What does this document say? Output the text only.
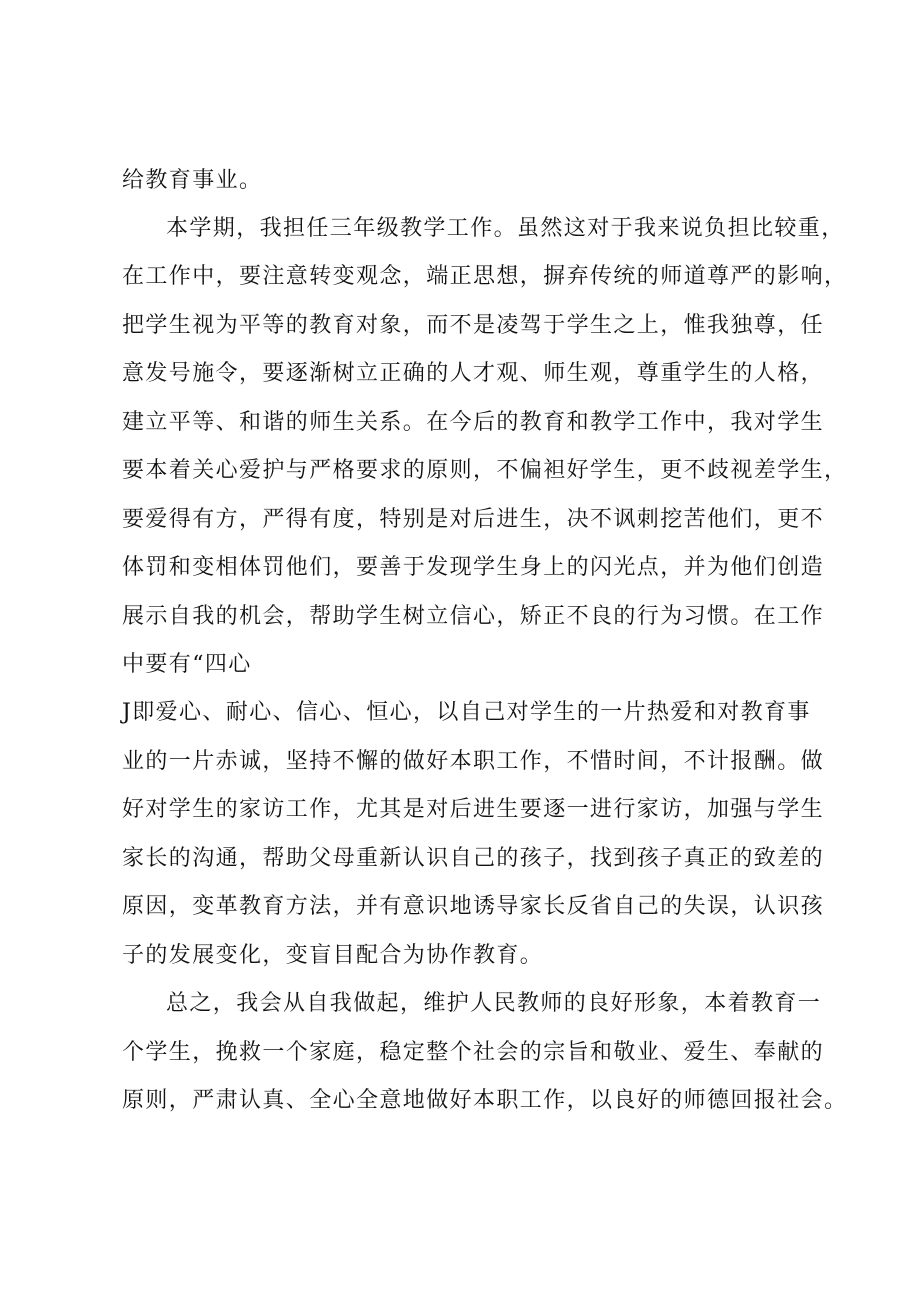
给教育事业。
本学期，我担任三年级教学工作。虽然这对于我来说负担比较重，
在工作中，要注意转变观念，端正思想，摒弃传统的师道尊严的影响，
把学生视为平等的教育对象，而不是凌驾于学生之上，惟我独尊，任
意发号施令，要逐渐树立正确的人才观、师生观，尊重学生的人格，
建立平等、和谐的师生关系。在今后的教育和教学工作中，我对学生
要本着关心爱护与严格要求的原则，不偏袒好学生，更不歧视差学生，
要爱得有方，严得有度，特别是对后进生，决不讽刺挖苦他们，更不
体罚和变相体罚他们，要善于发现学生身上的闪光点，并为他们创造
展示自我的机会，帮助学生树立信心，矫正不良的行为习惯。在工作
中要有“四心
J即爱心、耐心、信心、恒心，以自己对学生的一片热爱和对教育事
业的一片赤诚，坚持不懈的做好本职工作，不惜时间，不计报酬。做
好对学生的家访工作，尤其是对后进生要逐一进行家访，加强与学生
家长的沟通，帮助父母重新认识自己的孩子，找到孩子真正的致差的
原因，变革教育方法，并有意识地诱导家长反省自己的失误，认识孩
子的发展变化，变盲目配合为协作教育。
总之，我会从自我做起，维护人民教师的良好形象，本着教育一
个学生，挽救一个家庭，稳定整个社会的宗旨和敬业、爱生、奉献的
原则，严肃认真、全心全意地做好本职工作，以良好的师德回报社会。
